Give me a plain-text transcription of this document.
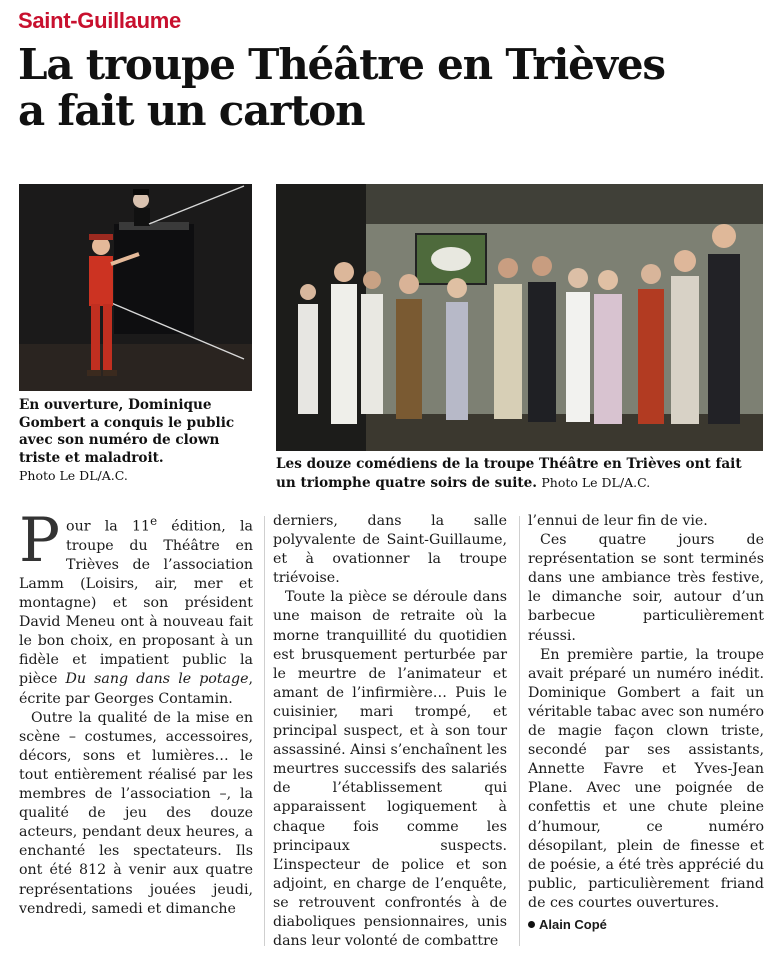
Saint-Guillaume
La troupe Théâtre en Trièves
a fait un carton
En ouverture, Dominique Gombert a conquis le public avec son numéro de clown triste et maladroit.
Photo Le DL/A.C.
Les douze comédiens de la troupe Théâtre en Trièves ont fait un triomphe quatre soirs de suite. Photo Le DL/A.C.

Pour la 11e édition, la troupe du Théâtre en Trièves de l’association Lamm (Loisirs, air, mer et montagne) et son président David Meneu ont à nouveau fait le bon choix, en proposant à un fidèle et impatient public la pièce Du sang dans le potage, écrite par Georges Contamin.

Outre la qualité de la mise en scène – costumes, accessoires, décors, sons et lumières… le tout entièrement réalisé par les membres de l’association –, la qualité de jeu des douze acteurs, pendant deux heures, a enchanté les spectateurs. Ils ont été 812 à venir aux quatre représentations jouées jeudi, vendredi, samedi et dimanche

derniers, dans la salle polyvalente de Saint-Guillaume, et à ovationner la troupe triévoise.

Toute la pièce se déroule dans une maison de retraite où la morne tranquillité du quotidien est brusquement perturbée par le meurtre de l’animateur et amant de l’infirmière… Puis le cuisinier, mari trompé, et principal suspect, et à son tour assassiné. Ainsi s’enchaînent les meurtres successifs des salariés de l’établissement qui apparaissent logiquement à chaque fois comme les principaux suspects. L’inspecteur de police et son adjoint, en charge de l’enquête, se retrouvent confrontés à de diaboliques pensionnaires, unis dans leur volonté de combattre

l’ennui de leur fin de vie.

Ces quatre jours de représentation se sont terminés dans une ambiance très festive, le dimanche soir, autour d’un barbecue particulièrement réussi.

En première partie, la troupe avait préparé un numéro inédit. Dominique Gombert a fait un véritable tabac avec son numéro de magie façon clown triste, secondé par ses assistants, Annette Favre et Yves-Jean Plane. Avec une poignée de confettis et une chute pleine d’humour, ce numéro désopilant, plein de finesse et de poésie, a été très apprécié du public, particulièrement friand de ces courtes ouvertures.

Alain Copé
